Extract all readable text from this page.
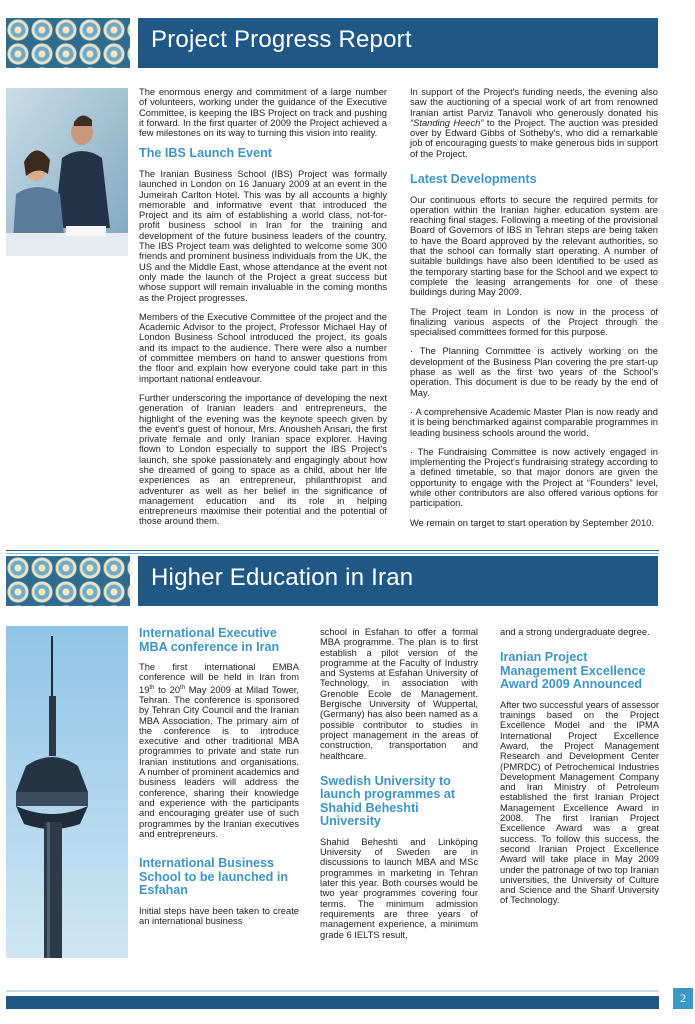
Project Progress Report

The enormous energy and commitment of a large number of volunteers, working under the guidance of the Executive Committee, is keeping the IBS Project on track and pushing it forward. In the first quarter of 2009 the Project achieved a few milestones on its way to turning this vision into reality.

The IBS Launch Event

The Iranian Business School (IBS) Project was formally launched in London on 16 January 2009 at an event in the Jumeirah Carlton Hotel. This was by all accounts a highly memorable and informative event that introduced the Project and its aim of establishing a world class, not-for-profit business school in Iran for the training and development of the future business leaders of the country. The IBS Project team was delighted to welcome some 300 friends and prominent business individuals from the UK, the US and the Middle East, whose attendance at the event not only made the launch of the Project a great success but whose support will remain invaluable in the coming months as the Project progresses.

Members of the Executive Committee of the project and the Academic Advisor to the project, Professor Michael Hay of London Business School introduced the project, its goals and its impact to the audience. There were also a number of committee members on hand to answer questions from the floor and explain how everyone could take part in this important national endeavour.

Further underscoring the importance of developing the next generation of Iranian leaders and entrepreneurs, the highlight of the evening was the keynote speech given by the event's guest of honour, Mrs. Anousheh Ansari, the first private female and only Iranian space explorer. Having flown to London especially to support the IBS Project's launch, she spoke passionately and engagingly about how she dreamed of going to space as a child, about her life experiences as an entrepreneur, philanthropist and adventurer as well as her belief in the significance of management education and its role in helping entrepreneurs maximise their potential and the potential of those around them.

In support of the Project's funding needs, the evening also saw the auctioning of a special work of art from renowned Iranian artist Parviz Tanavoli who generously donated his “Standing Heech” to the Project. The auction was presided over by Edward Gibbs of Sotheby's, who did a remarkable job of encouraging guests to make generous bids in support of the Project.

Latest Developments

Our continuous efforts to secure the required permits for operation within the Iranian higher education system are reaching final stages. Following a meeting of the provisional Board of Governors of IBS in Tehran steps are being taken to have the Board approved by the relevant authorities, so that the school can formally start operating. A number of suitable buildings have also been identified to be used as the temporary starting base for the School and we expect to complete the leasing arrangements for one of these buildings during May 2009.

The Project team in London is now in the process of finalizing various aspects of the Project through the specialised committees formed for this purpose.

· The Planning Committee is actively working on the development of the Business Plan covering the pre start-up phase as well as the first two years of the School's operation. This document is due to be ready by the end of May.

· A comprehensive Academic Master Plan is now ready and it is being benchmarked against comparable programmes in leading business schools around the world.

· The Fundraising Committee is now actively engaged in implementing the Project's fundraising strategy according to a defined timetable, so that major donors are given the opportunity to engage with the Project at “Founders” level, while other contributors are also offered various options for participation.

We remain on target to start operation by September 2010.

Higher Education in Iran
International Executive MBA conference in Iran

The first international EMBA conference will be held in Iran from 19th to 20th May 2009 at Milad Tower, Tehran. The conference is sponsored by Tehran City Council and the Iranian MBA Association. The primary aim of the conference is to introduce executive and other traditional MBA programmes to private and state run Iranian institutions and organisations. A number of prominent academics and business leaders will address the conference, sharing their knowledge and experience with the participants and encouraging greater use of such programmes by the Iranian executives and entrepreneurs.

International Business School to be launched in Esfahan

Initial steps have been taken to create an international business

school in Esfahan to offer a formal MBA programme. The plan is to first establish a pilot version of the programme at the Faculty of Industry and Systems at Esfahan University of Technology, in association with Grenoble Ecole de Management. Bergische University of Wuppertal, (Germany) has also been named as a possible contributor to studies in project management in the areas of construction, transportation and healthcare.

Swedish University to launch programmes at Shahid Beheshti University

Shahid Beheshti and Linköping University of Sweden are in discussions to launch MBA and MSc programmes in marketing in Tehran later this year. Both courses would be two year programmes covering four terms. The minimum admission requirements are three years of management experience, a minimum grade 6 IELTS result,

and a strong undergraduate degree.

Iranian Project Management Excellence Award 2009 Announced

After two successful years of assessor trainings based on the Project Excellence Model and the IPMA International Project Excellence Award, the Project Management Research and Development Center (PMRDC) of Petrochemical Industries Development Management Company and Iran Ministry of Petroleum established the first Iranian Project Management Excellence Award in 2008. The first Iranian Project Excellence Award was a great success. To follow this success, the second Iranian Project Excellence Award will take place in May 2009 under the patronage of two top Iranian universities, the University of Culture and Science and the Sharif University of Technology.

2
